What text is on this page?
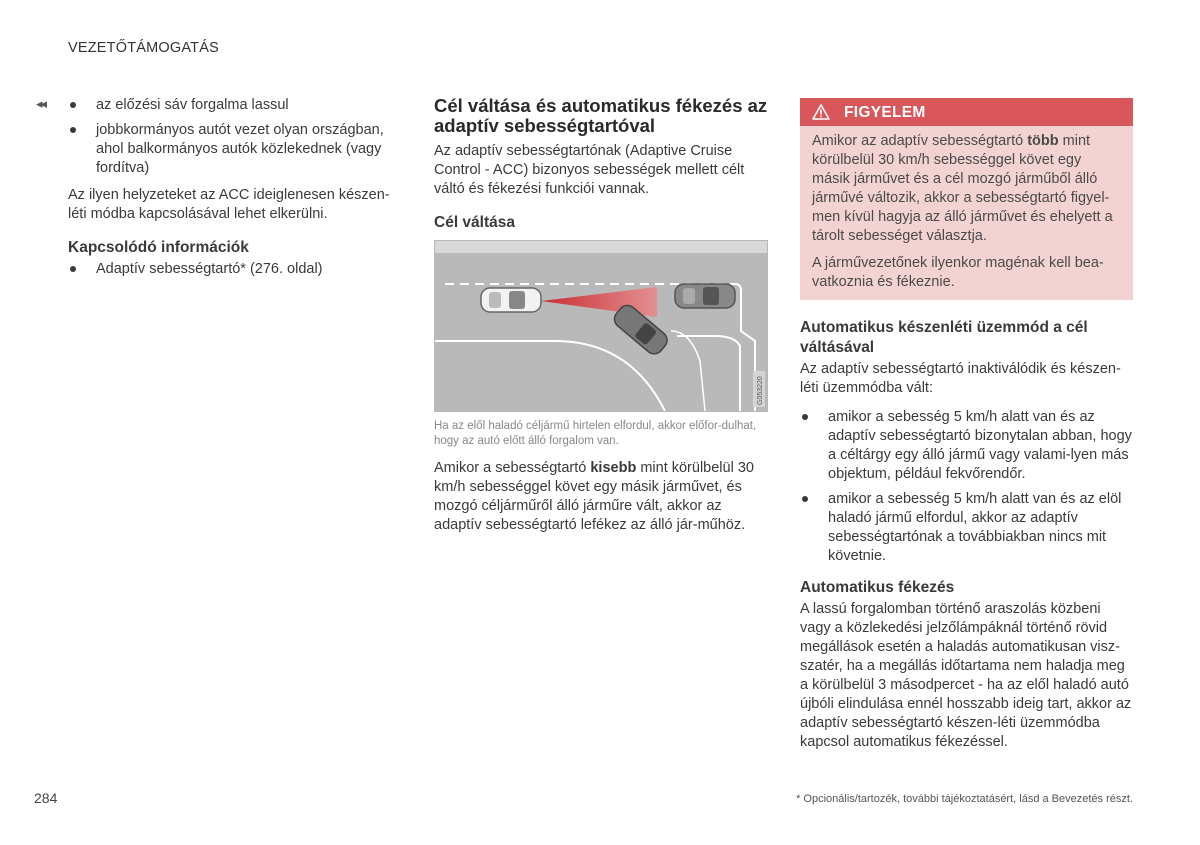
VEZETŐTÁMOGATÁS
◂◂	az előzési sáv forgalma lassul
jobbkormányos autót vezet olyan országban, ahol balkormányos autók közlekednek (vagy fordítva)

Az ilyen helyzeteket az ACC ideiglenesen készen-léti módba kapcsolásával lehet elkerülni.

Kapcsolódó információk
Adaptív sebességtartó* (276. oldal)
Cél váltása és automatikus fékezés az adaptív sebességtartóval

Az adaptív sebességtartónak (Adaptive Cruise Control - ACC) bizonyos sebességek mellett célt váltó és fékezési funkciói vannak.

Cél váltása
G053220
Ha az elől haladó céljármű hirtelen elfordul, akkor előfor-dulhat, hogy az autó előtt álló forgalom van.

Amikor a sebességtartó kisebb mint körülbelül 30 km/h sebességgel követ egy másik járművet, és mozgó céljárműről álló járműre vált, akkor az adaptív sebességtartó lefékez az álló jár-műhöz.

FIGYELEM

Amikor az adaptív sebességtartó több mint körülbelül 30 km/h sebességgel követ egy másik járművet és a cél mozgó járműből álló járművé változik, akkor a sebességtartó figyel-men kívül hagyja az álló járművet és ehelyett a tárolt sebességet választja.

A járművezetőnek ilyenkor magénak kell bea-vatkoznia és fékeznie.

Automatikus készenléti üzemmód a cél váltásával

Az adaptív sebességtartó inaktiválódik és készen-léti üzemmódba vált:

amikor a sebesség 5 km/h alatt van és az adaptív sebességtartó bizonytalan abban, hogy a céltárgy egy álló jármű vagy valami-lyen más objektum, például fekvőrendőr.
amikor a sebesség 5 km/h alatt van és az elöl haladó jármű elfordul, akkor az adaptív sebességtartónak a továbbiakban nincs mit követnie.
Automatikus fékezés

A lassú forgalomban történő araszolás közbeni vagy a közlekedési jelzőlámpáknál történő rövid megállások esetén a haladás automatikusan visz-szatér, ha a megállás időtartama nem haladja meg a körülbelül 3 másodpercet - ha az elől haladó autó újbóli elindulása ennél hosszabb ideig tart, akkor az adaptív sebességtartó készen-léti üzemmódba kapcsol automatikus fékezéssel.

284	* Opcionális/tartozék, további tájékoztatásért, lásd a Bevezetés részt.
